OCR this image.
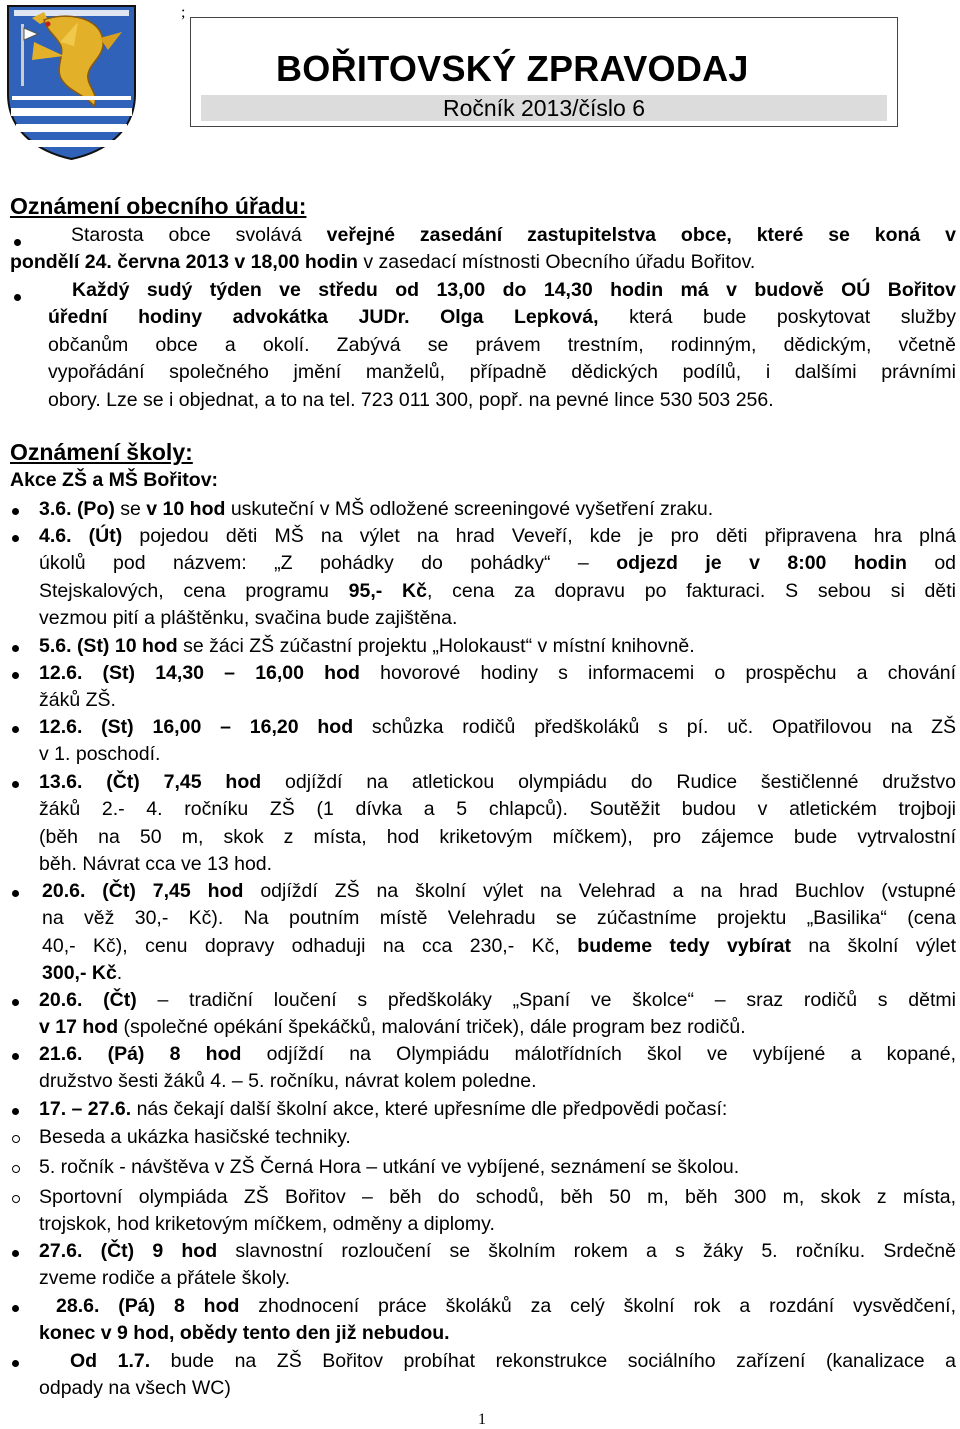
;
BOŘITOVSKÝ ZPRAVODAJ
Ročník 2013/číslo 6
Oznámení obecního úřadu:
Starosta obce svolává veřejné zasedání zastupitelstva obce, které se koná v
pondělí 24. června 2013 v 18,00 hodin v zasedací místnosti Obecního úřadu Bořitov.
Každý sudý týden ve středu od 13,00 do 14,30 hodin má v budově OÚ Bořitov
úřední hodiny advokátka JUDr. Olga Lepková, která bude poskytovat služby
občanům obce a okolí. Zabývá se právem trestním, rodinným, dědickým, včetně
vypořádání společného jmění manželů, případně dědických podílů, i dalšími právními
obory. Lze se i objednat, a to na tel. 723 011 300, popř. na pevné lince 530 503 256.
Oznámení školy:
Akce ZŠ a MŠ Bořitov:
3.6. (Po) se v 10 hod uskuteční v MŠ odložené screeningové vyšetření zraku.
4.6. (Út) pojedou děti MŠ na výlet na hrad Veveří, kde je pro děti připravena hra plná
úkolů pod názvem: „Z pohádky do pohádky“ – odjezd je v 8:00 hodin od
Stejskalových, cena programu 95,- Kč, cena za dopravu po fakturaci. S sebou si děti
vezmou pití a pláštěnku, svačina bude zajištěna.
5.6. (St) 10 hod se žáci ZŠ zúčastní projektu „Holokaust“ v místní knihovně.
12.6. (St) 14,30 – 16,00 hod hovorové hodiny s informacemi o prospěchu a chování
žáků ZŠ.
12.6. (St) 16,00 – 16,20 hod schůzka rodičů předškoláků s pí. uč. Opatřilovou na ZŠ
v 1. poschodí.
13.6. (Čt) 7,45 hod odjíždí na atletickou olympiádu do Rudice šestičlenné družstvo
žáků 2.- 4. ročníku ZŠ (1 dívka a 5 chlapců). Soutěžit budou v atletickém trojboji
(běh na 50 m, skok z místa, hod kriketovým míčkem), pro zájemce bude vytrvalostní
běh. Návrat cca ve 13 hod.
20.6. (Čt) 7,45 hod odjíždí ZŠ na školní výlet na Velehrad a na hrad Buchlov (vstupné
na věž 30,- Kč). Na poutním místě Velehradu se zúčastníme projektu „Basilika“ (cena
40,- Kč), cenu dopravy odhaduji na cca 230,- Kč, budeme tedy vybírat na školní výlet
300,- Kč.
20.6. (Čt) – tradiční loučení s předškoláky „Spaní ve školce“ – sraz rodičů s dětmi
v 17 hod (společné opékání špekáčků, malování triček), dále program bez rodičů.
21.6. (Pá) 8 hod odjíždí na Olympiádu málotřídních škol ve vybíjené a kopané,
družstvo šesti žáků 4. – 5. ročníku, návrat kolem poledne.
17. – 27.6. nás čekají další školní akce, které upřesníme dle předpovědi počasí:
Beseda a ukázka hasičské techniky.
5. ročník - návštěva v ZŠ Černá Hora – utkání ve vybíjené, seznámení se školou.
Sportovní olympiáda ZŠ Bořitov – běh do schodů, běh 50 m, běh 300 m, skok z místa,
trojskok, hod kriketovým míčkem, odměny a diplomy.
27.6. (Čt) 9 hod slavnostní rozloučení se školním rokem a s žáky 5. ročníku. Srdečně
zveme rodiče a přátele školy.
28.6. (Pá) 8 hod zhodnocení práce školáků za celý školní rok a rozdání vysvědčení,
konec v 9 hod, obědy tento den již nebudou.
Od 1.7. bude na ZŠ Bořitov probíhat rekonstrukce sociálního zařízení (kanalizace a
odpady na všech WC)
1
